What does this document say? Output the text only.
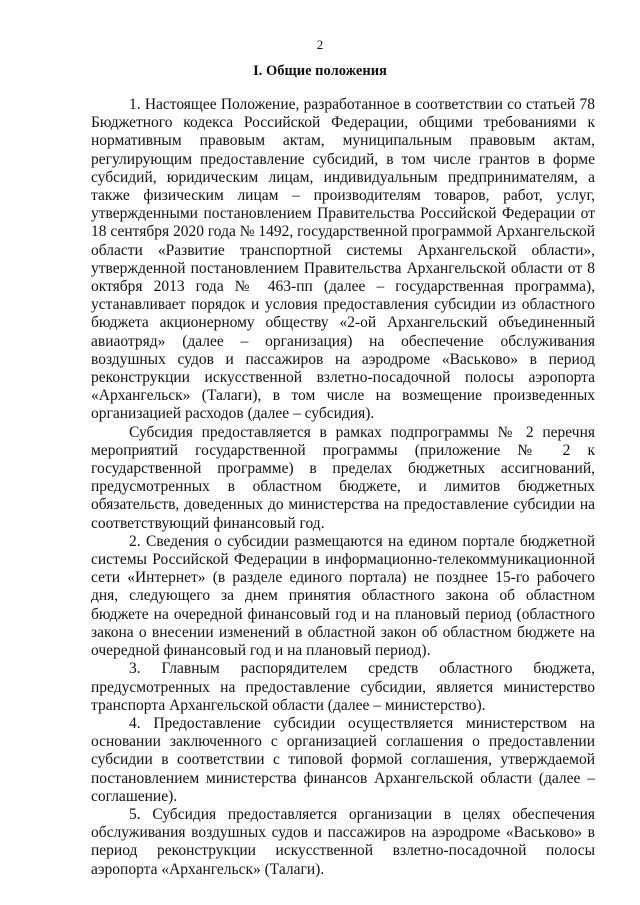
2
I. Общие положения

1. Настоящее Положение, разработанное в соответствии со статьей 78 Бюджетного кодекса Российской Федерации, общими требованиями к нормативным правовым актам, муниципальным правовым актам, регулирующим предоставление субсидий, в том числе грантов в форме субсидий, юридическим лицам, индивидуальным предпринимателям, а также физическим лицам – производителям товаров, работ, услуг, утвержденными постановлением Правительства Российской Федерации от 18 сентября 2020 года № 1492, государственной программой Архангельской области «Развитие транспортной системы Архангельской области», утвержденной постановлением Правительства Архангельской области от 8 октября 2013 года № 463-пп (далее – государственная программа), устанавливает порядок и условия предоставления субсидии из областного бюджета акционерному обществу «2-ой Архангельский объединенный авиаотряд» (далее – организация) на обеспечение обслуживания воздушных судов и пассажиров на аэродроме «Васьково» в период реконструкции искусственной взлетно-посадочной полосы аэропорта «Архангельск» (Талаги), в том числе на возмещение произведенных организацией расходов (далее – субсидия).

Субсидия предоставляется в рамках подпрограммы № 2 перечня мероприятий государственной программы (приложение № 2 к государственной программе) в пределах бюджетных ассигнований, предусмотренных в областном бюджете, и лимитов бюджетных обязательств, доведенных до министерства на предоставление субсидии на соответствующий финансовый год.

2. Сведения о субсидии размещаются на едином портале бюджетной системы Российской Федерации в информационно-телекоммуникационной сети «Интернет» (в разделе единого портала) не позднее 15-го рабочего дня, следующего за днем принятия областного закона об областном бюджете на очередной финансовый год и на плановый период (областного закона о внесении изменений в областной закон об областном бюджете на очередной финансовый год и на плановый период).

3. Главным распорядителем средств областного бюджета, предусмотренных на предоставление субсидии, является министерство транспорта Архангельской области (далее – министерство).

4. Предоставление субсидии осуществляется министерством на основании заключенного с организацией соглашения о предоставлении субсидии в соответствии с типовой формой соглашения, утверждаемой постановлением министерства финансов Архангельской области (далее – соглашение).

5. Субсидия предоставляется организации в целях обеспечения обслуживания воздушных судов и пассажиров на аэродроме «Васьково» в период реконструкции искусственной взлетно-посадочной полосы аэропорта «Архангельск» (Талаги).
